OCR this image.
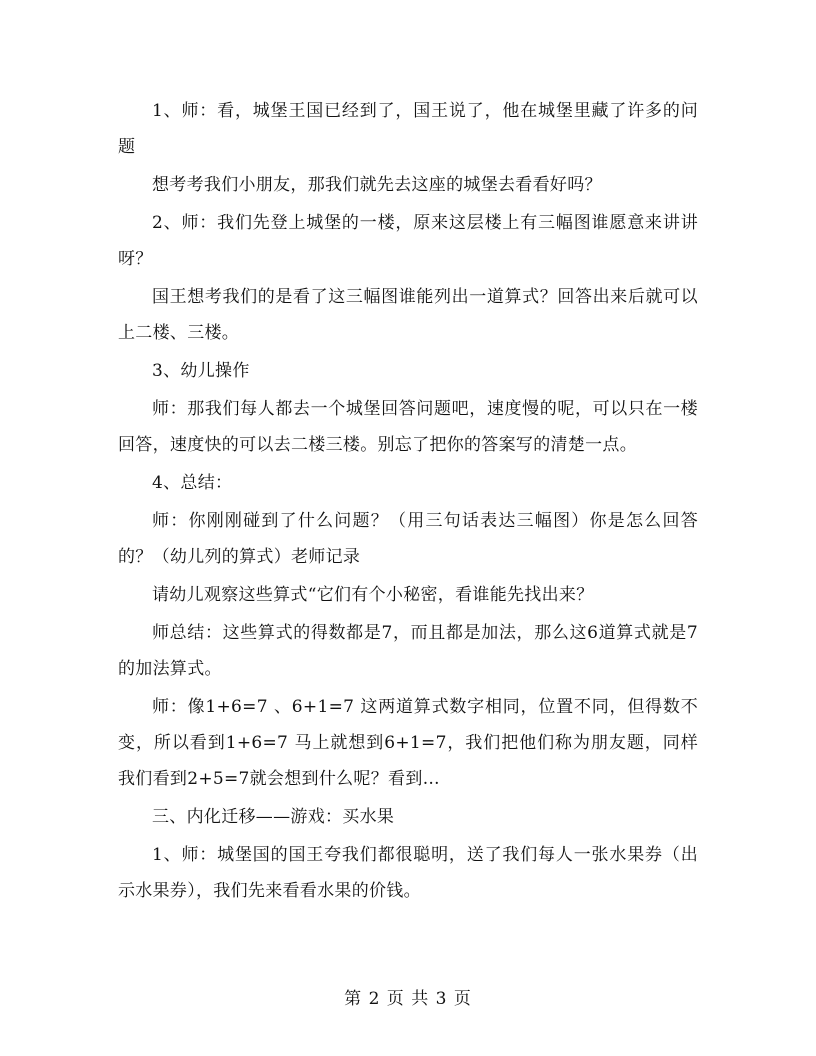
1、师：看，城堡王国已经到了，国王说了，他在城堡里藏了许多的问题

想考考我们小朋友，那我们就先去这座的城堡去看看好吗？

2、师：我们先登上城堡的一楼，原来这层楼上有三幅图谁愿意来讲讲呀？

国王想考我们的是看了这三幅图谁能列出一道算式？回答出来后就可以上二楼、三楼。

3、幼儿操作

师：那我们每人都去一个城堡回答问题吧，速度慢的呢，可以只在一楼回答，速度快的可以去二楼三楼。别忘了把你的答案写的清楚一点。

4、总结：

师：你刚刚碰到了什么问题？（用三句话表达三幅图）你是怎么回答的？（幼儿列的算式）老师记录

请幼儿观察这些算式“它们有个小秘密，看谁能先找出来？

师总结：这些算式的得数都是7，而且都是加法，那么这6道算式就是7的加法算式。

师：像1+6=7 、6+1=7 这两道算式数字相同，位置不同，但得数不变，所以看到1+6=7 马上就想到6+1=7，我们把他们称为朋友题，同样我们看到2+5=7就会想到什么呢？看到…

三、内化迁移——游戏：买水果

1、师：城堡国的国王夸我们都很聪明，送了我们每人一张水果券（出示水果券），我们先来看看水果的价钱。

第 2 页 共 3 页
